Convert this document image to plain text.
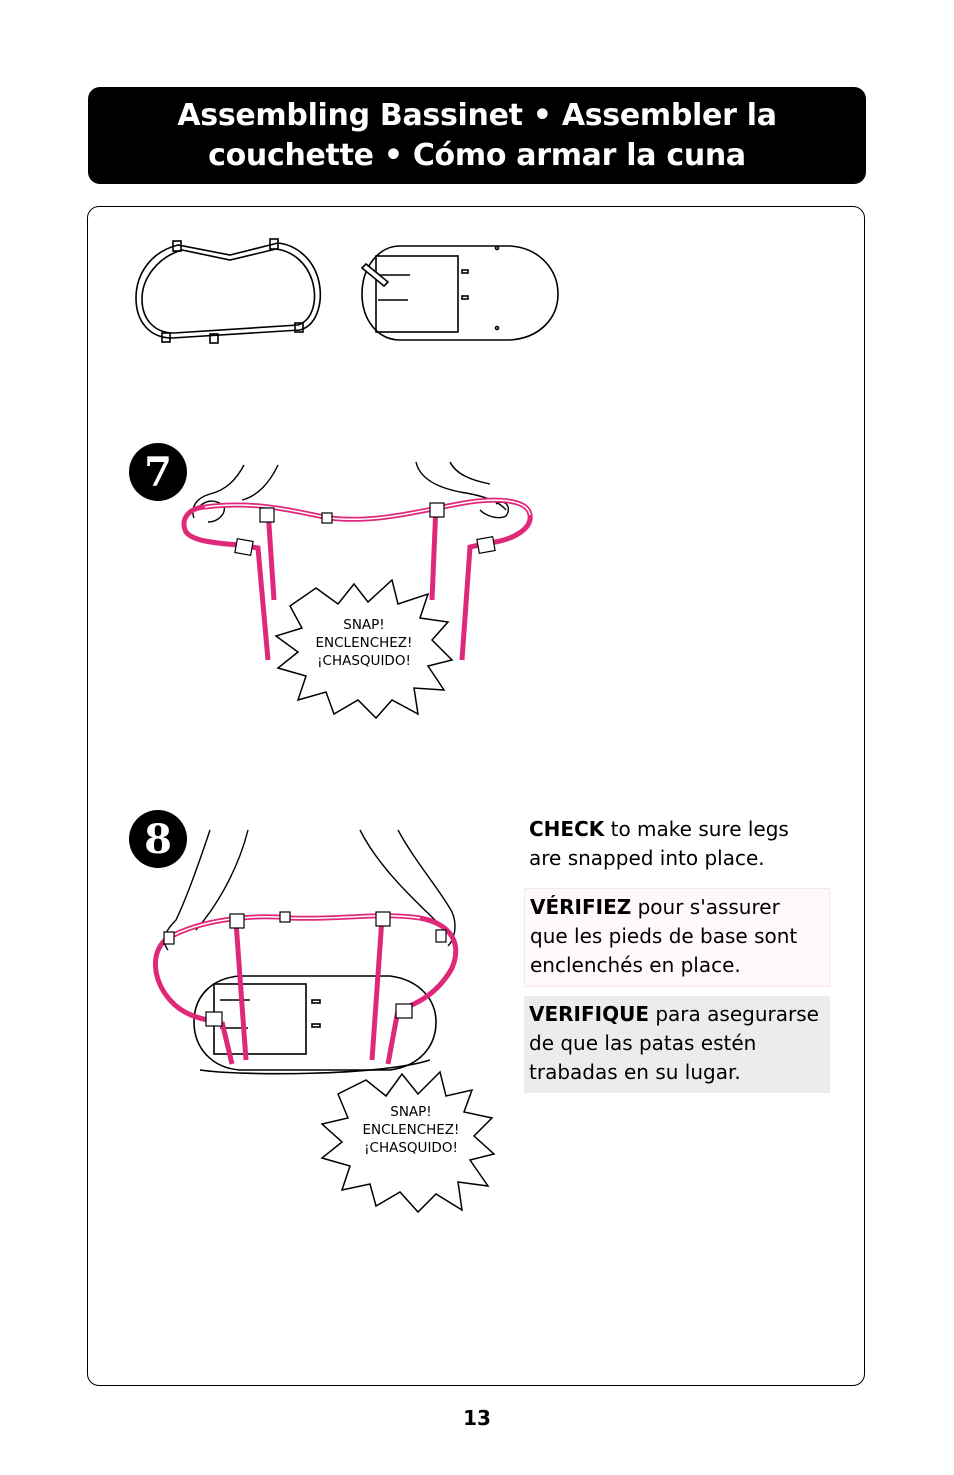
Assembling Bassinet • Assembler la
couchette • Cómo armar la cuna
7
8
SNAP!
ENCLENCHEZ!
¡CHASQUIDO!
SNAP!
ENCLENCHEZ!
¡CHASQUIDO!
CHECK to make sure legs are snapped into place.
VÉRIFIEZ pour s'assurer que les pieds de base sont enclenchés en place.
VERIFIQUE para asegurarse de que las patas estén trabadas en su lugar.
13
